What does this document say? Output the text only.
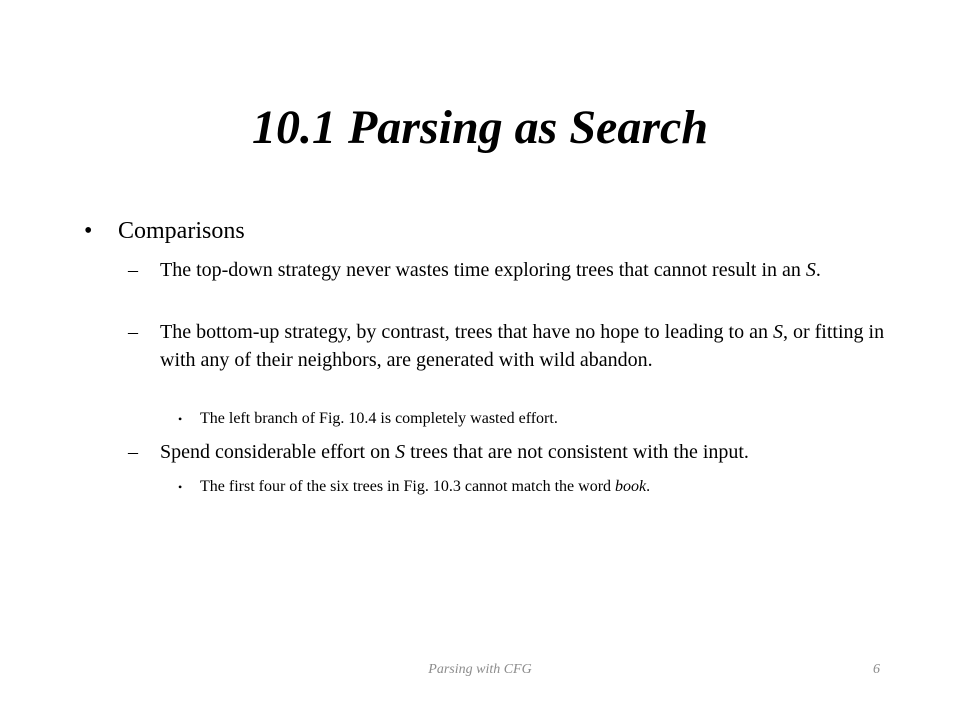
10.1 Parsing as Search
•	Comparisons
–	The top-down strategy never wastes time exploring trees that cannot result in an S.
–	The bottom-up strategy, by contrast, trees that have no hope to leading to an S, or fitting in with any of their neighbors, are generated with wild abandon.
•	The left branch of Fig. 10.4 is completely wasted effort.
–	Spend considerable effort on S trees that are not consistent with the input.
•	The first four of the six trees in Fig. 10.3 cannot match the word book.
Parsing with CFG	6
